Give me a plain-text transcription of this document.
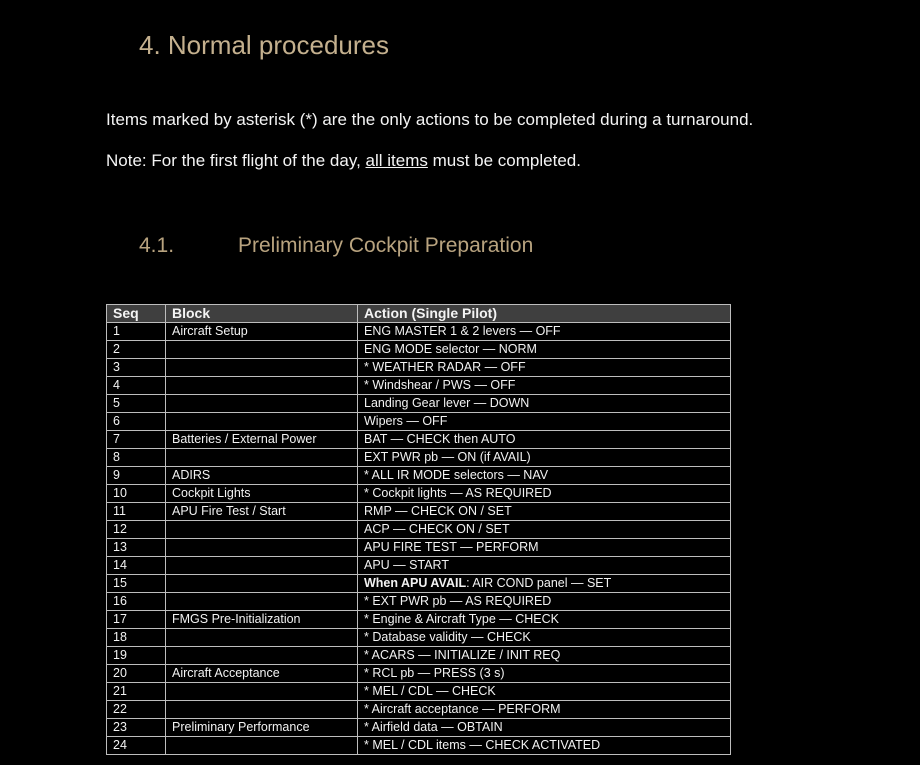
4. Normal procedures
Items marked by asterisk (*) are the only actions to be completed during a turnaround.
Note: For the first flight of the day, all items must be completed.
4.1.	Preliminary Cockpit Preparation
Seq	Block	Action (Single Pilot)
1	Aircraft Setup	ENG MASTER 1 & 2 levers — OFF
2		ENG MODE selector — NORM
3		* WEATHER RADAR — OFF
4		* Windshear / PWS — OFF
5		Landing Gear lever — DOWN
6		Wipers — OFF
7	Batteries / External Power	BAT — CHECK then AUTO
8		EXT PWR pb — ON (if AVAIL)
9	ADIRS	* ALL IR MODE selectors — NAV
10	Cockpit Lights	* Cockpit lights — AS REQUIRED
11	APU Fire Test / Start	RMP — CHECK ON / SET
12		ACP — CHECK ON / SET
13		APU FIRE TEST — PERFORM
14		APU — START
15		When APU AVAIL: AIR COND panel — SET
16		* EXT PWR pb — AS REQUIRED
17	FMGS Pre-Initialization	* Engine & Aircraft Type — CHECK
18		* Database validity — CHECK
19		* ACARS — INITIALIZE / INIT REQ
20	Aircraft Acceptance	* RCL pb — PRESS (3 s)
21		* MEL / CDL — CHECK
22		* Aircraft acceptance — PERFORM
23	Preliminary Performance	* Airfield data — OBTAIN
24		* MEL / CDL items — CHECK ACTIVATED
